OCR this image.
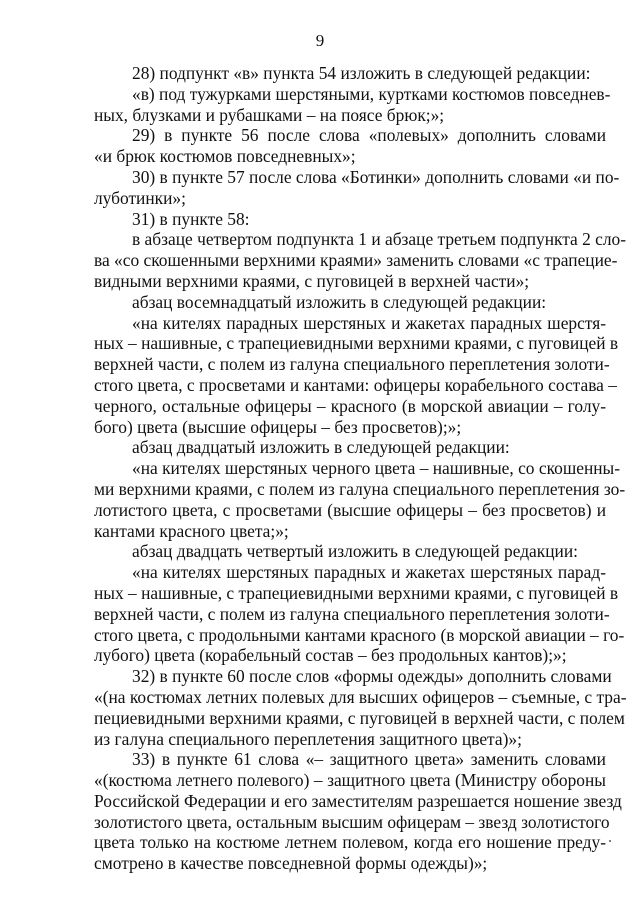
9
28) подпункт «в» пункта 54 изложить в следующей редакции:
«в) под тужурками шерстяными, куртками костюмов повседнев-
ных, блузками и рубашками – на поясе брюк;»;
29) в пункте 56 после слова «полевых» дополнить словами
«и брюк костюмов повседневных»;
30) в пункте 57 после слова «Ботинки» дополнить словами «и по-
луботинки»;
31) в пункте 58:
в абзаце четвертом подпункта 1 и абзаце третьем подпункта 2 сло-
ва «со скошенными верхними краями» заменить словами «с трапецие-
видными верхними краями, с пуговицей в верхней части»;
абзац восемнадцатый изложить в следующей редакции:
«на кителях парадных шерстяных и жакетах парадных шерстя-
ных – нашивные, с трапециевидными верхними краями, с пуговицей в
верхней части, с полем из галуна специального переплетения золоти-
стого цвета, с просветами и кантами: офицеры корабельного состава –
черного, остальные офицеры – красного (в морской авиации – голу-
бого) цвета (высшие офицеры – без просветов);»;
абзац двадцатый изложить в следующей редакции:
«на кителях шерстяных черного цвета – нашивные, со скошенны-
ми верхними краями, с полем из галуна специального переплетения зо-
лотистого цвета, с просветами (высшие офицеры – без просветов) и
кантами красного цвета;»;
абзац двадцать четвертый изложить в следующей редакции:
«на кителях шерстяных парадных и жакетах шерстяных парад-
ных – нашивные, с трапециевидными верхними краями, с пуговицей в
верхней части, с полем из галуна специального переплетения золоти-
стого цвета, с продольными кантами красного (в морской авиации – го-
лубого) цвета (корабельный состав – без продольных кантов);»;
32) в пункте 60 после слов «формы одежды» дополнить словами
«(на костюмах летних полевых для высших офицеров – съемные, с тра-
пециевидными верхними краями, с пуговицей в верхней части, с полем
из галуна специального переплетения защитного цвета)»;
33) в пункте 61 слова «– защитного цвета» заменить словами
«(костюма летнего полевого) – защитного цвета (Министру обороны
Российской Федерации и его заместителям разрешается ношение звезд
золотистого цвета, остальным высшим офицерам – звезд золотистого
цвета только на костюме летнем полевом, когда его ношение преду-
смотрено в качестве повседневной формы одежды)»;
